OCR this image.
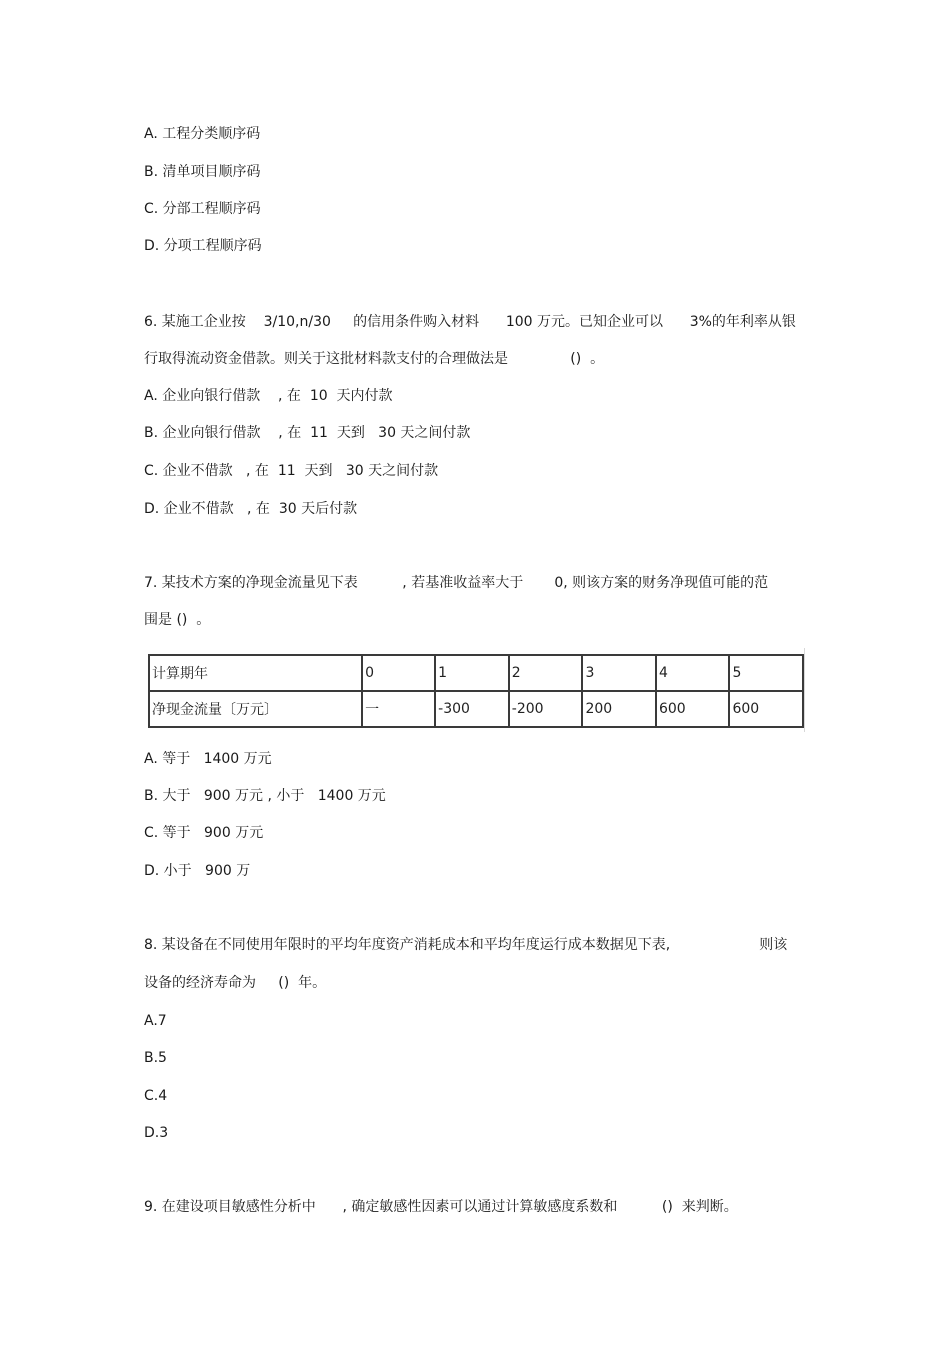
A. 工程分类顺序码
B. 清单项目顺序码
C. 分部工程顺序码
D. 分项工程顺序码
6. 某施工企业按    3/10,n/30     的信用条件购入材料      100 万元。已知企业可以      3%的年利率从银
行取得流动资金借款。则关于这批材料款支付的合理做法是              ()  。
A. 企业向银行借款    , 在  10  天内付款
B. 企业向银行借款    , 在  11  天到   30 天之间付款
C. 企业不借款   , 在  11  天到   30 天之间付款
D. 企业不借款   , 在  30 天后付款
7. 某技术方案的净现金流量见下表          , 若基准收益率大于       0, 则该方案的财务净现值可能的范
围是 ()  。
计算期年	0	1	2	3	4	5
净现金流量〔万元〕	一	-300	-200	200	600	600
A. 等于   1400 万元
B. 大于   900 万元 , 小于   1400 万元
C. 等于   900 万元
D. 小于   900 万
8. 某设备在不同使用年限时的平均年度资产消耗成本和平均年度运行成本数据见下表,                    则该
设备的经济寿命为     ()  年。
A.7
B.5
C.4
D.3
9. 在建设项目敏感性分析中      , 确定敏感性因素可以通过计算敏感度系数和          ()  来判断。
